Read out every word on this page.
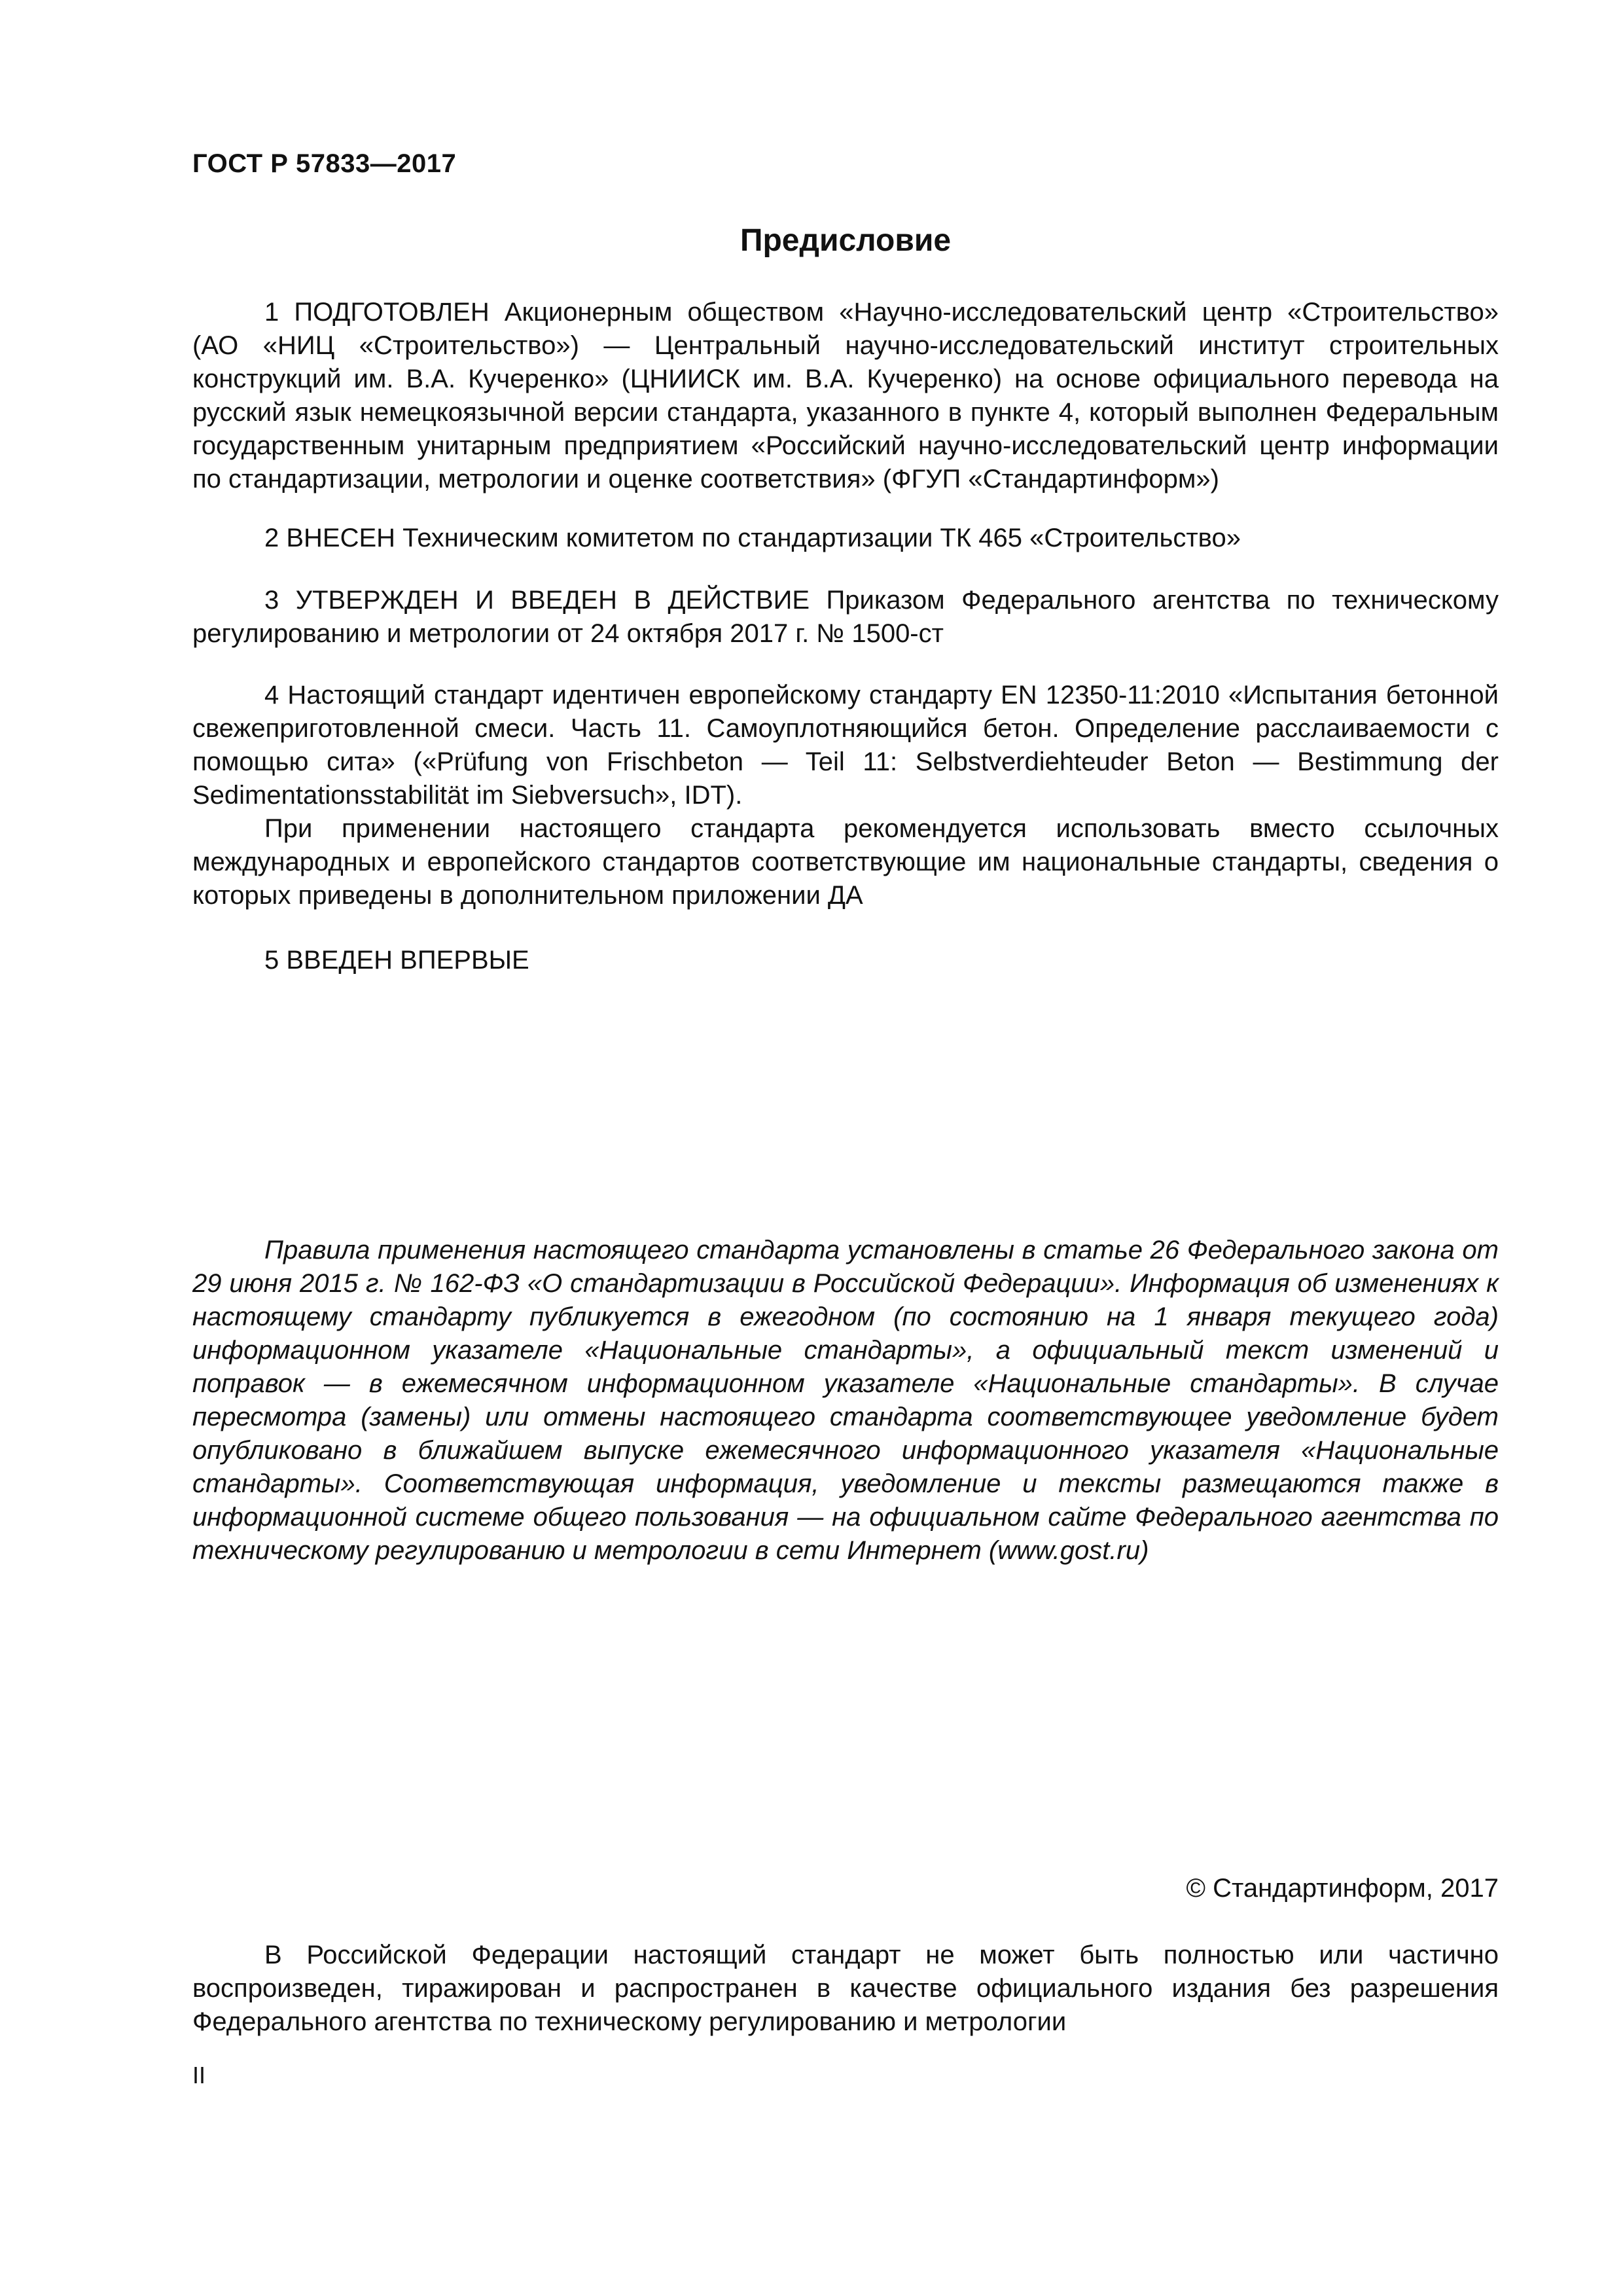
ГОСТ Р 57833—2017
Предисловие

1 ПОДГОТОВЛЕН Акционерным обществом «Научно-исследовательский центр «Строительство» (АО «НИЦ «Строительство») — Центральный научно-исследовательский институт строительных конструкций им. В.А. Кучеренко» (ЦНИИСК им. В.А. Кучеренко) на основе официального перевода на русский язык немецкоязычной версии стандарта, указанного в пункте 4, который выполнен Федеральным государственным унитарным предприятием «Российский научно-исследовательский центр информации по стандартизации, метрологии и оценке соответствия» (ФГУП «Стандартинформ»)

2 ВНЕСЕН Техническим комитетом по стандартизации ТК 465 «Строительство»

3 УТВЕРЖДЕН И ВВЕДЕН В ДЕЙСТВИЕ Приказом Федерального агентства по техническому регулированию и метрологии от 24 октября 2017 г. № 1500-ст

4 Настоящий стандарт идентичен европейскому стандарту EN 12350-11:2010 «Испытания бетонной свежеприготовленной смеси. Часть 11. Самоуплотняющийся бетон. Определение расслаиваемости с помощью сита» («Prüfung von Frischbeton — Teil 11: Selbstverdiehteuder Beton — Bestimmung der Sedimentationsstabilität im Siebversuch», IDT).

При применении настоящего стандарта рекомендуется использовать вместо ссылочных международных и европейского стандартов соответствующие им национальные стандарты, сведения о которых приведены в дополнительном приложении ДА

5 ВВЕДЕН ВПЕРВЫЕ

Правила применения настоящего стандарта установлены в статье 26 Федерального закона от 29 июня 2015 г. № 162-ФЗ «О стандартизации в Российской Федерации». Информация об изменениях к настоящему стандарту публикуется в ежегодном (по состоянию на 1 января текущего года) информационном указателе «Национальные стандарты», а официальный текст изменений и поправок — в ежемесячном информационном указателе «Национальные стандарты». В случае пересмотра (замены) или отмены настоящего стандарта соответствующее уведомление будет опубликовано в ближайшем выпуске ежемесячного информационного указателя «Национальные стандарты». Соответствующая информация, уведомление и тексты размещаются также в информационной системе общего пользования — на официальном сайте Федерального агентства по техническому регулированию и метрологии в сети Интернет (www.gost.ru)

© Стандартинформ, 2017

В Российской Федерации настоящий стандарт не может быть полностью или частично воспроизведен, тиражирован и распространен в качестве официального издания без разрешения Федерального агентства по техническому регулированию и метрологии

II
